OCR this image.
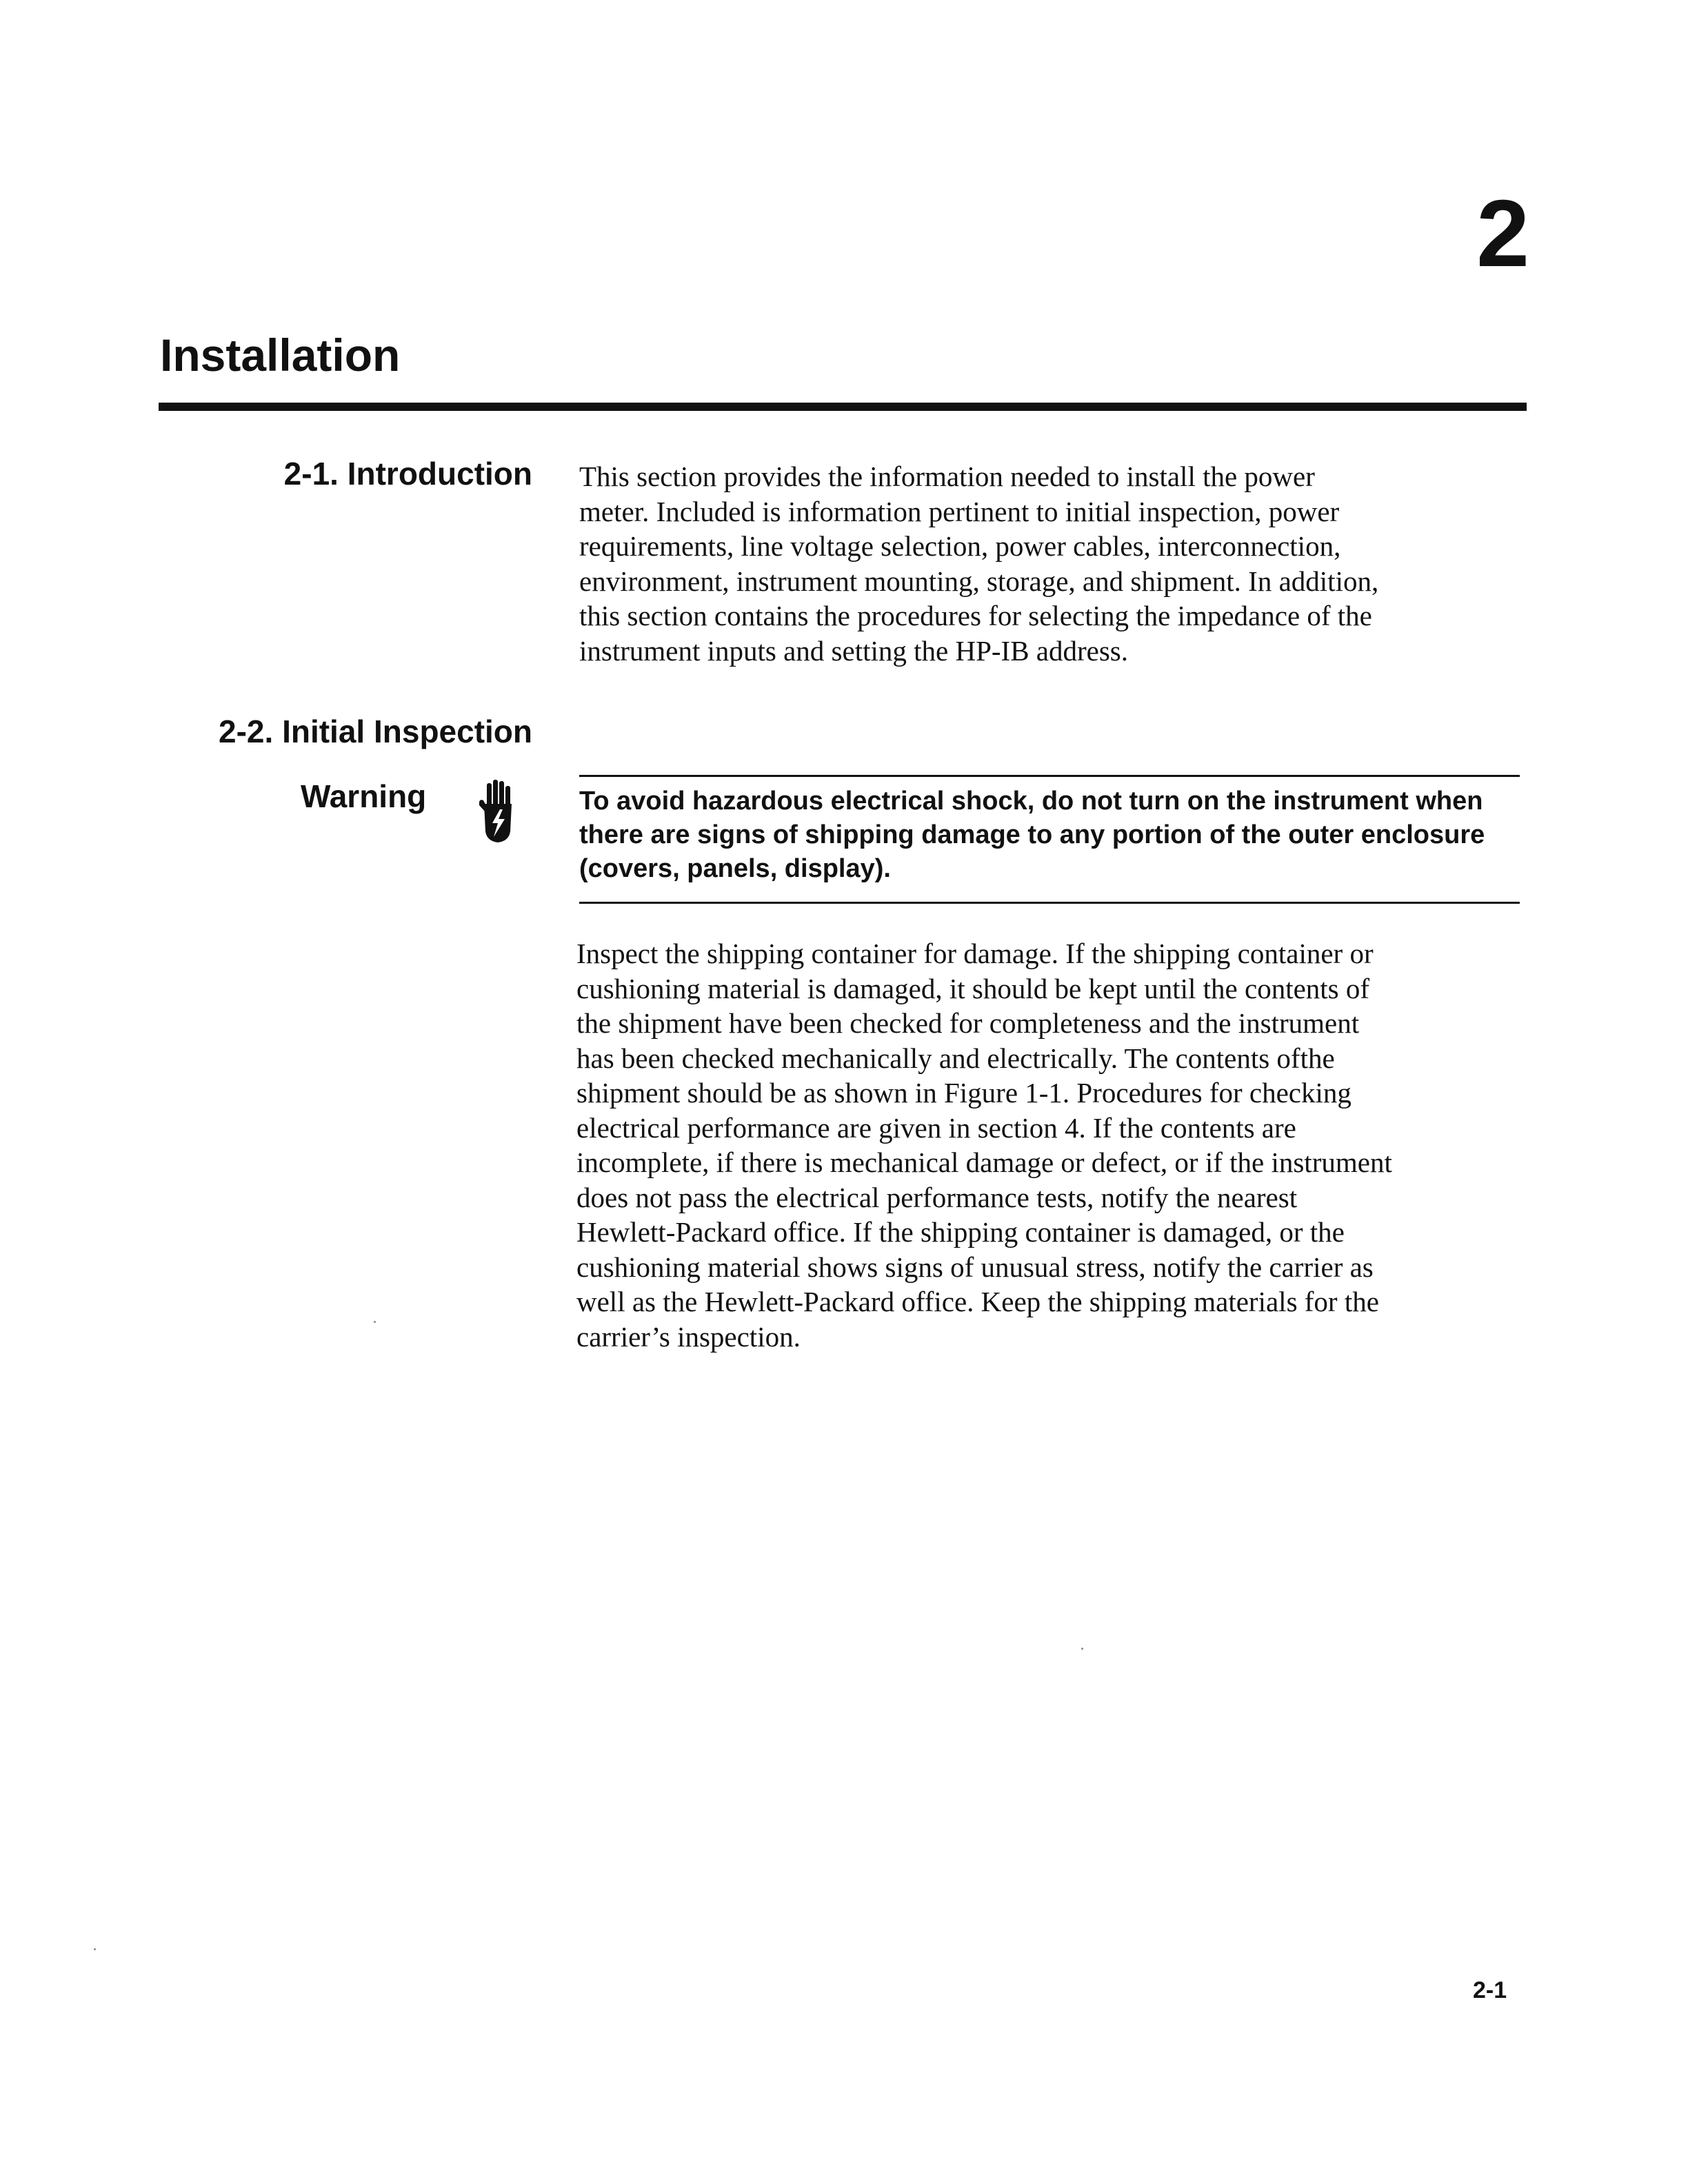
2
Installation
2-1. Introduction This section provides the information needed to install the power
meter. Included is information pertinent to initial inspection, power
requirements, line voltage selection, power cables, interconnection,
environment, instrument mounting, storage, and shipment. In addition,
this section contains the procedures for selecting the impedance of the
instrument inputs and setting the HP-IB address.
2-2. Initial Inspection
Warning	To avoid hazardous electrical shock, do not turn on the instrument when
there are signs of shipping damage to any portion of the outer enclosure
(covers, panels, display).
Inspect the shipping container for damage. If the shipping container or
cushioning material is damaged, it should be kept until the contents of
the shipment have been checked for completeness and the instrument
has been checked mechanically and electrically. The contents ofthe
shipment should be as shown in Figure 1-1. Procedures for checking
electrical performance are given in section 4. If the contents are
incomplete, if there is mechanical damage or defect, or if the instrument
does not pass the electrical performance tests, notify the nearest
Hewlett-Packard office. If the shipping container is damaged, or the
cushioning material shows signs of unusual stress, notify the carrier as
well as the Hewlett-Packard office. Keep the shipping materials for the
carrier’s inspection.
2-1
